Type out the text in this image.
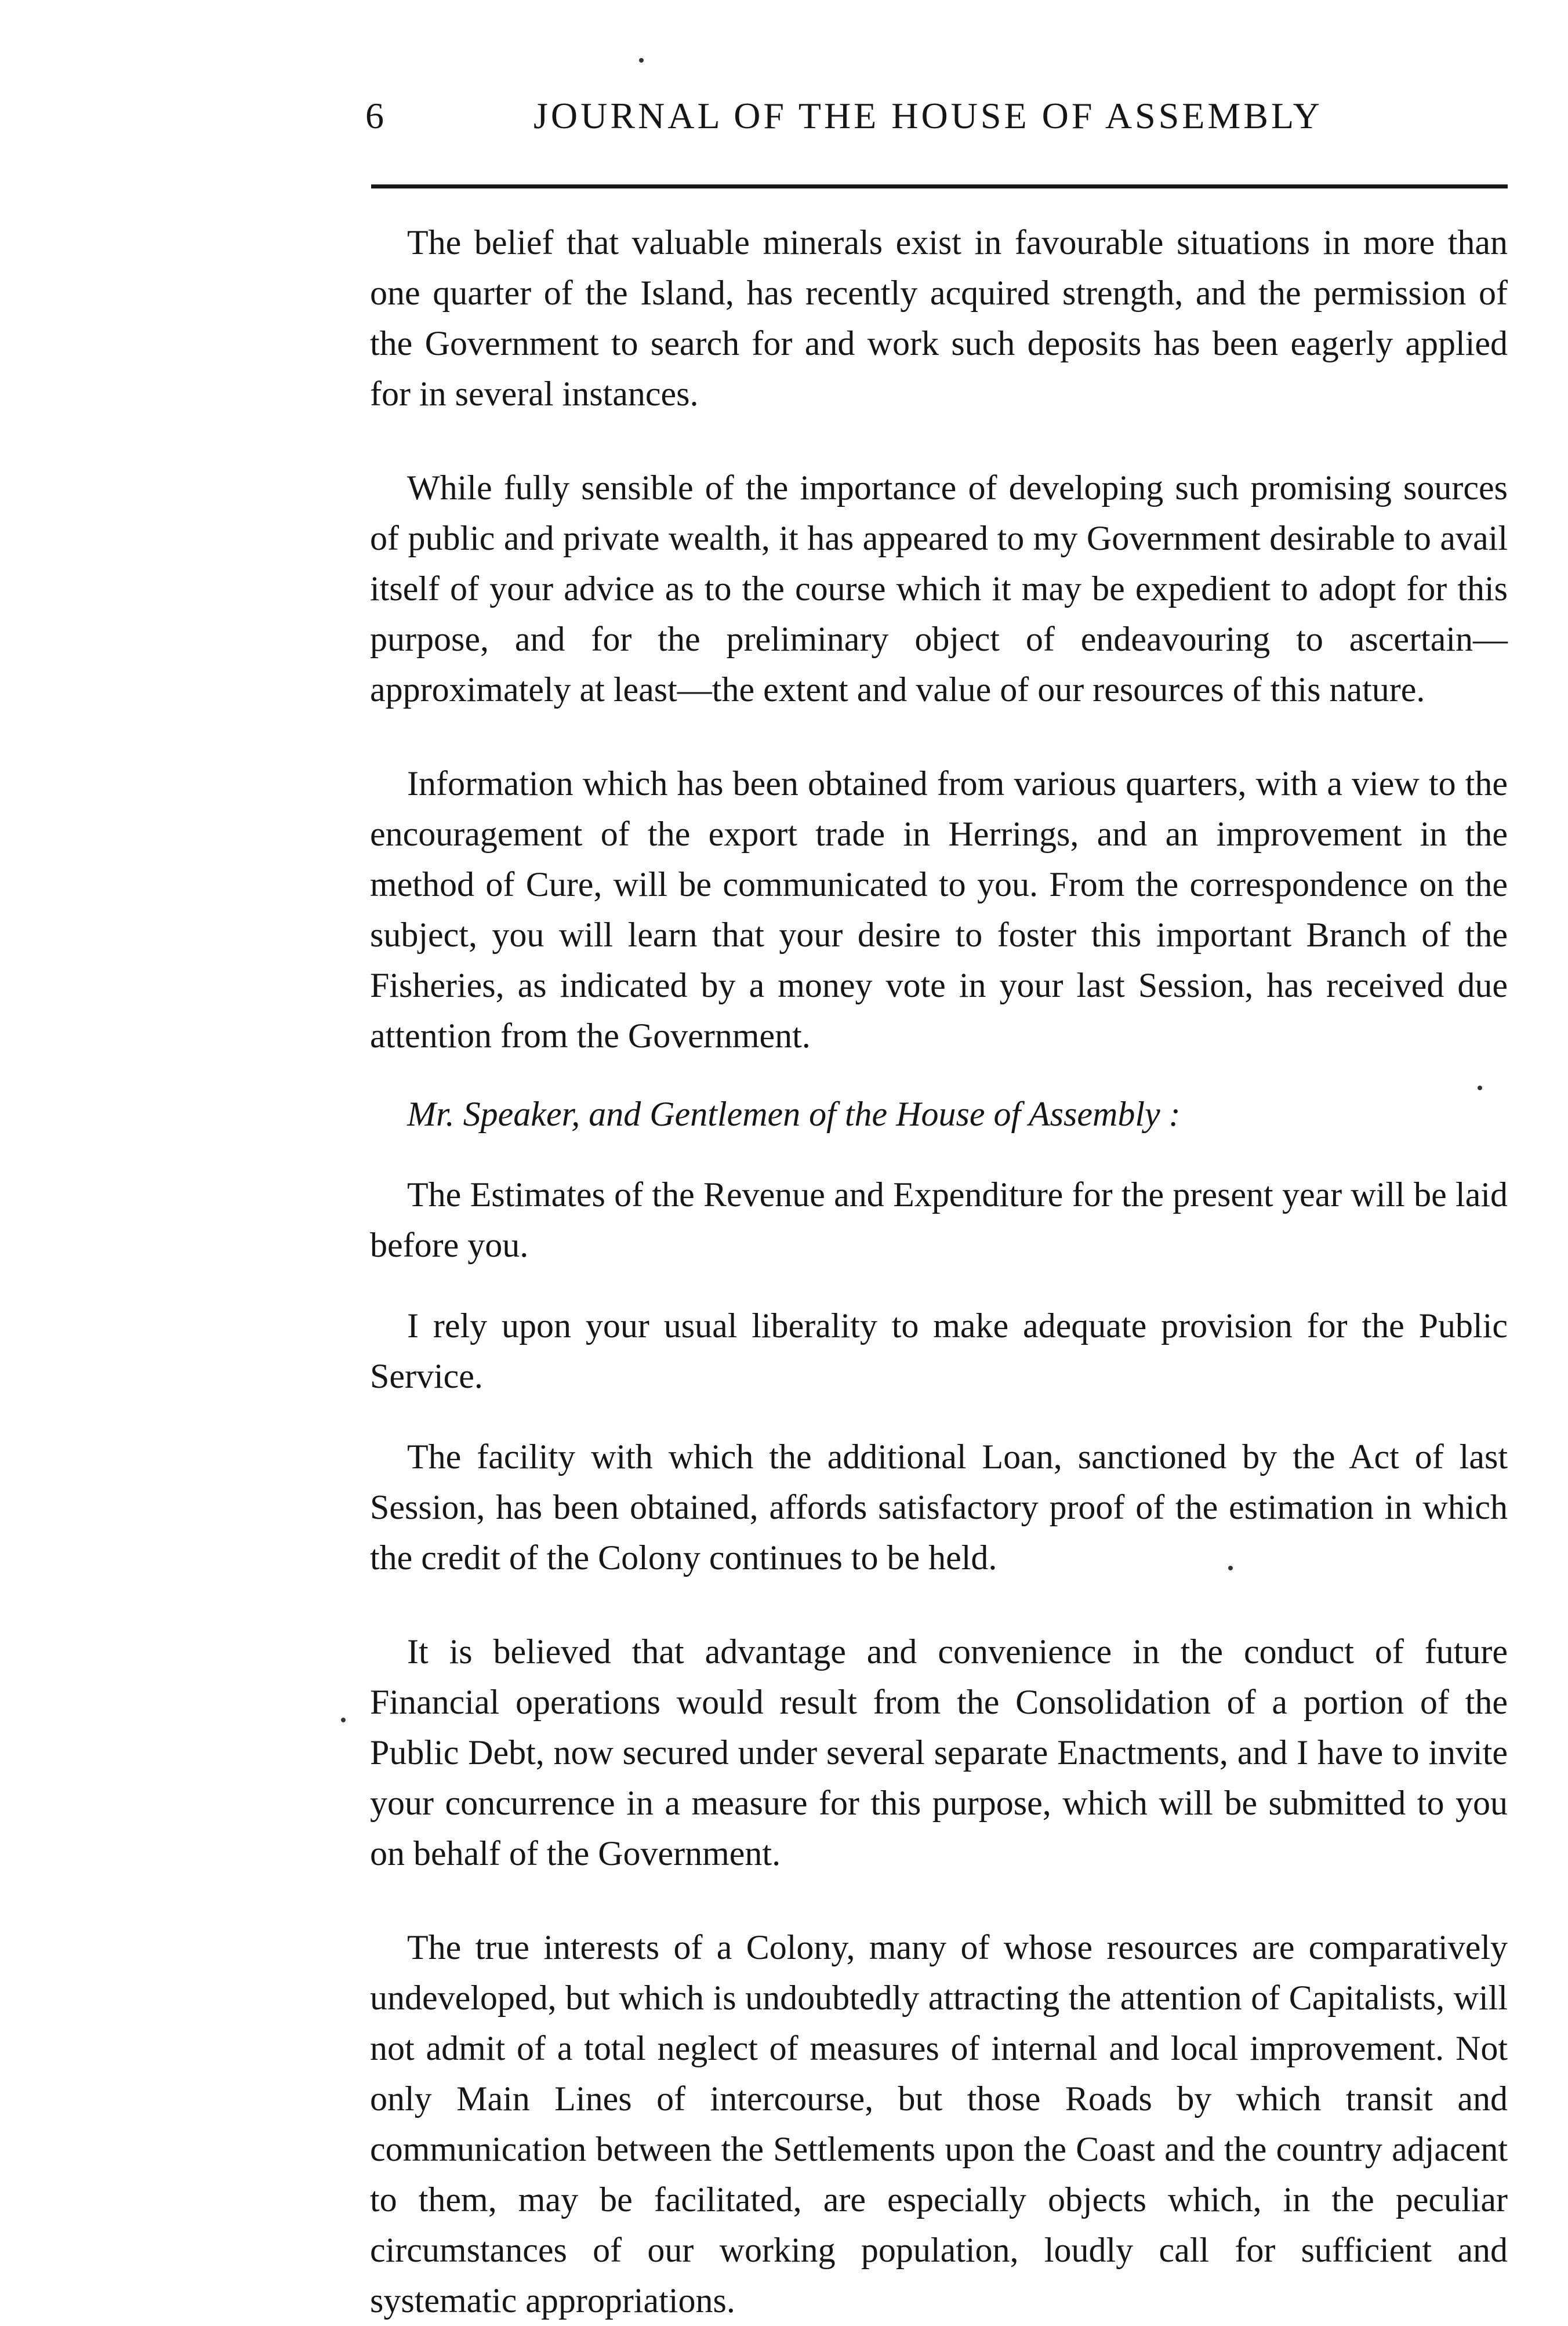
6	JOURNAL OF THE HOUSE OF ASSEMBLY

The belief that valuable minerals exist in favourable situations in more than one quarter of the Island, has recently acquired strength, and the permission of the Government to search for and work such deposits has been eagerly applied for in several instances.

While fully sensible of the importance of developing such promising sources of public and private wealth, it has appeared to my Government desirable to avail itself of your advice as to the course which it may be expedient to adopt for this purpose, and for the preliminary object of endeavouring to ascertain—approximately at least—the extent and value of our resources of this nature.

Information which has been obtained from various quarters, with a view to the encouragement of the export trade in Herrings, and an improvement in the method of Cure, will be communicated to you. From the correspondence on the subject, you will learn that your desire to foster this important Branch of the Fisheries, as indicated by a money vote in your last Session, has received due attention from the Government.

Mr. Speaker, and Gentlemen of the House of Assembly :

The Estimates of the Revenue and Expenditure for the present year will be laid before you.

I rely upon your usual liberality to make adequate provision for the Public Service.

The facility with which the additional Loan, sanctioned by the Act of last Session, has been obtained, affords satisfactory proof of the estimation in which the credit of the Colony continues to be held.

It is believed that advantage and convenience in the conduct of future Financial operations would result from the Consolidation of a portion of the Public Debt, now secured under several separate Enactments, and I have to invite your concurrence in a measure for this purpose, which will be submitted to you on behalf of the Government.

The true interests of a Colony, many of whose resources are comparatively undeveloped, but which is undoubtedly attracting the attention of Capitalists, will not admit of a total neglect of measures of internal and local improvement. Not only Main Lines of intercourse, but those Roads by which transit and communication between the Settlements upon the Coast and the country adjacent to them, may be facilitated, are especially objects which, in the peculiar circumstances of our working population, loudly call for sufficient and systematic appropriations.
